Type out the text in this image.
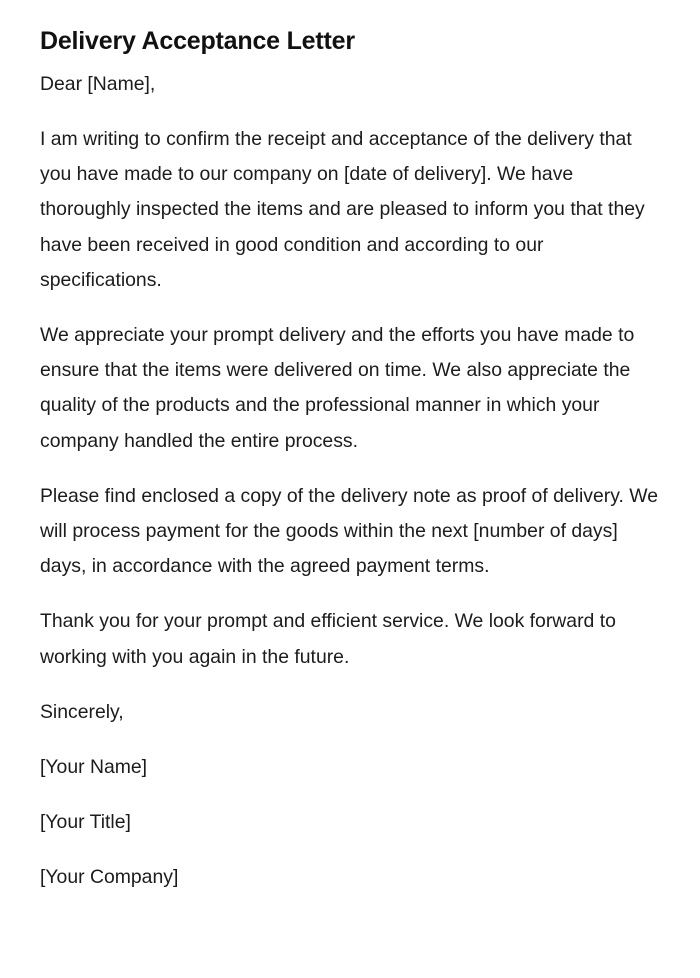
Delivery Acceptance Letter

Dear [Name],

I am writing to confirm the receipt and acceptance of the delivery that you have made to our company on [date of delivery]. We have thoroughly inspected the items and are pleased to inform you that they have been received in good condition and according to our specifications.

We appreciate your prompt delivery and the efforts you have made to ensure that the items were delivered on time. We also appreciate the quality of the products and the professional manner in which your company handled the entire process.

Please find enclosed a copy of the delivery note as proof of delivery. We will process payment for the goods within the next [number of days] days, in accordance with the agreed payment terms.

Thank you for your prompt and efficient service. We look forward to working with you again in the future.

Sincerely,

[Your Name]

[Your Title]

[Your Company]
